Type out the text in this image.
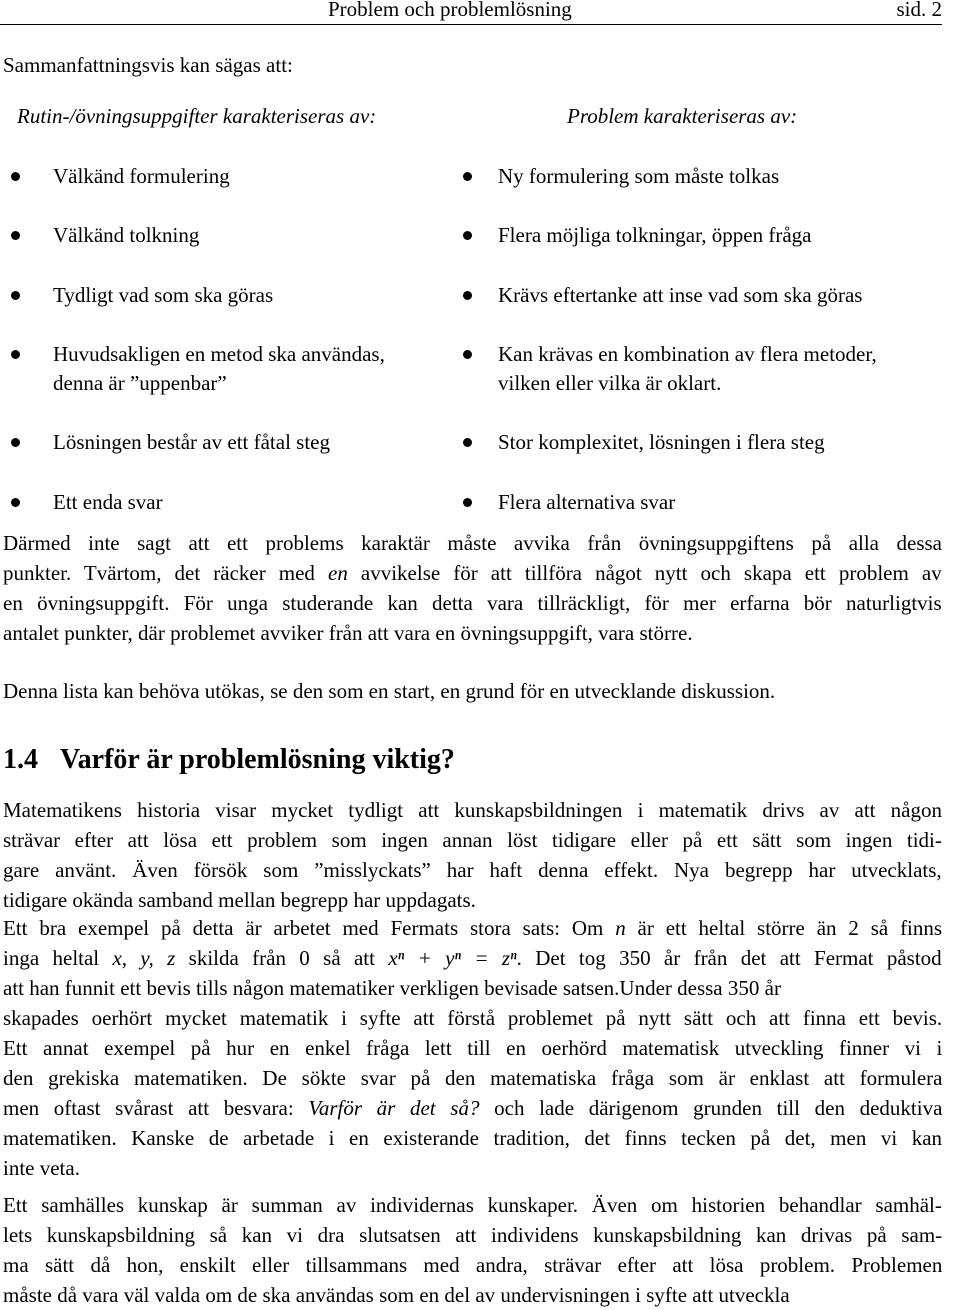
Problem och problemlösning	sid. 2
Sammanfattningsvis kan sägas att:
Rutin-/övningsuppgifter karakteriseras av:	Problem karakteriseras av:
Välkänd formulering
Välkänd tolkning
Tydligt vad som ska göras
Huvudsakligen en metod ska användas,
denna är ”uppenbar”
Lösningen består av ett fåtal steg
Ett enda svar
Ny formulering som måste tolkas
Flera möjliga tolkningar, öppen fråga
Krävs eftertanke att inse vad som ska göras
Kan krävas en kombination av flera metoder,
vilken eller vilka är oklart.
Stor komplexitet, lösningen i flera steg
Flera alternativa svar
Därmed inte sagt att ett problems karaktär måste avvika från övningsuppgiftens på alla dessa
punkter. Tvärtom, det räcker med en avvikelse för att tillföra något nytt och skapa ett problem av
en övningsuppgift. För unga studerande kan detta vara tillräckligt, för mer erfarna bör naturligtvis
antalet punkter, där problemet avviker från att vara en övningsuppgift, vara större.
Denna lista kan behöva utökas, se den som en start, en grund för en utvecklande diskussion.
1.4 Varför är problemlösning viktig?
Matematikens historia visar mycket tydligt att kunskapsbildningen i matematik drivs av att någon
strävar efter att lösa ett problem som ingen annan löst tidigare eller på ett sätt som ingen tidi-
gare använt. Även försök som ”misslyckats” har haft denna effekt. Nya begrepp har utvecklats,
tidigare okända samband mellan begrepp har uppdagats.
Ett bra exempel på detta är arbetet med Fermats stora sats: Om n är ett heltal större än 2 så finns
inga heltal x, y, z skilda från 0 så att xⁿ + yⁿ = zⁿ. Det tog 350 år från det att Fermat påstod
att han funnit ett bevis tills någon matematiker verkligen bevisade satsen.Under dessa 350 år
skapades oerhört mycket matematik i syfte att förstå problemet på nytt sätt och att finna ett bevis.
Ett annat exempel på hur en enkel fråga lett till en oerhörd matematisk utveckling finner vi i
den grekiska matematiken. De sökte svar på den matematiska fråga som är enklast att formulera
men oftast svårast att besvara: Varför är det så? och lade därigenom grunden till den deduktiva
matematiken. Kanske de arbetade i en existerande tradition, det finns tecken på det, men vi kan
inte veta.
Ett samhälles kunskap är summan av individernas kunskaper. Även om historien behandlar samhäl-
lets kunskapsbildning så kan vi dra slutsatsen att individens kunskapsbildning kan drivas på sam-
ma sätt då hon, enskilt eller tillsammans med andra, strävar efter att lösa problem. Problemen
måste då vara väl valda om de ska användas som en del av undervisningen i syfte att utveckla
